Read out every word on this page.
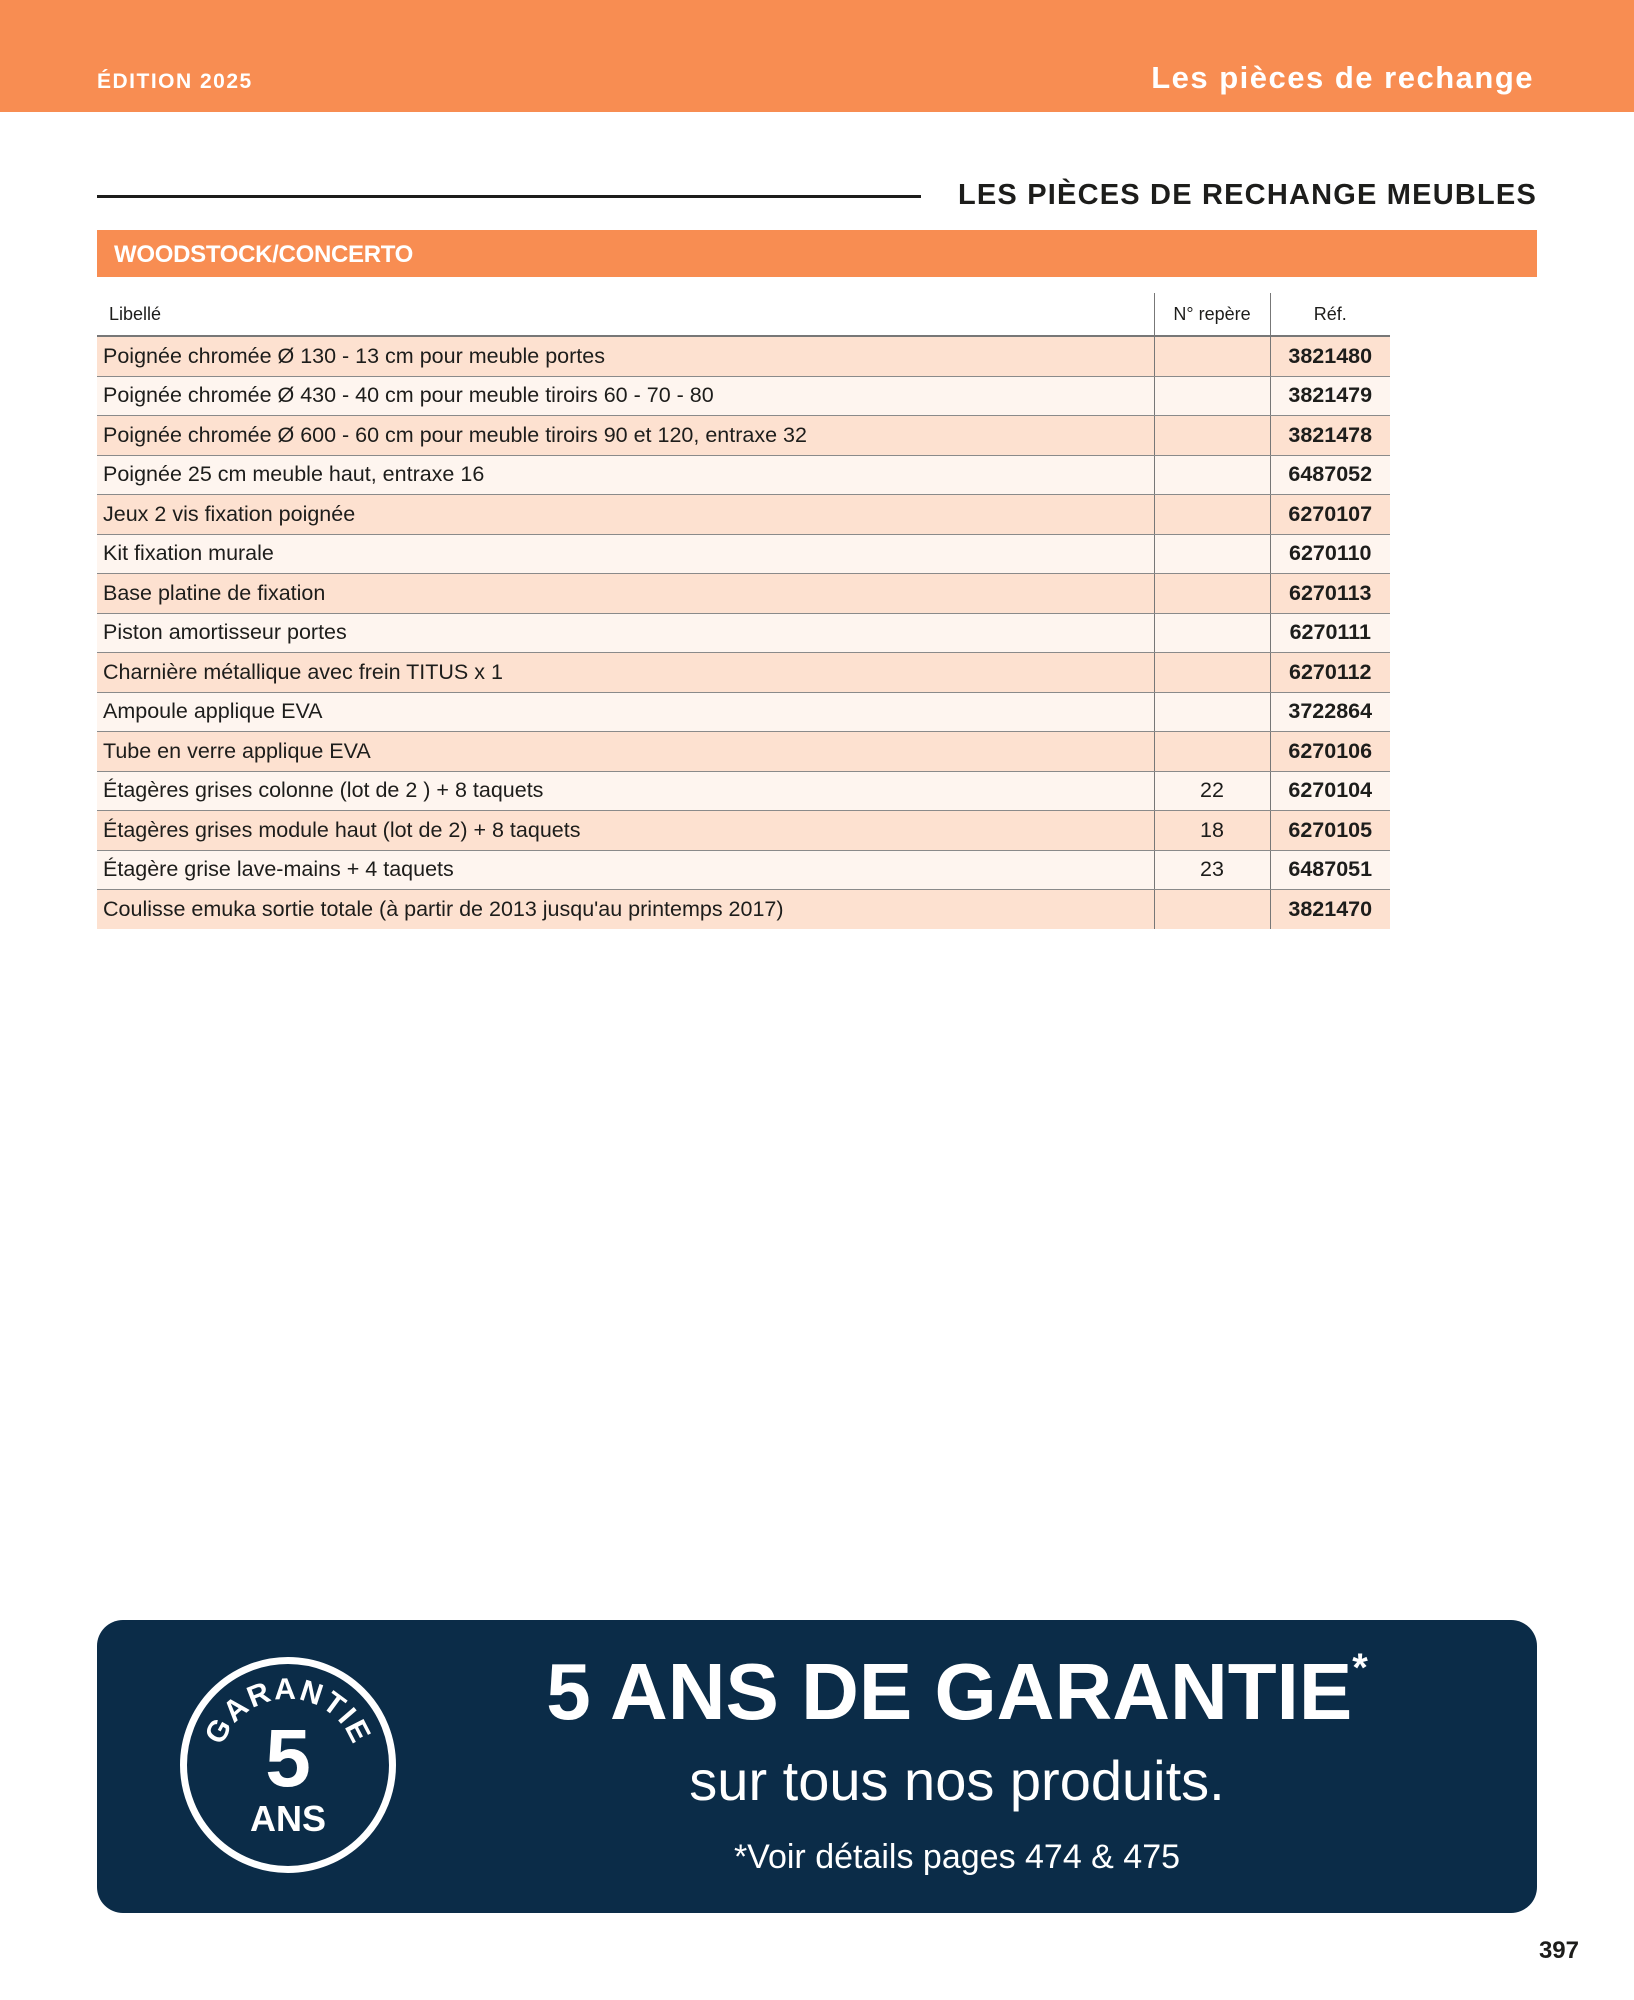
ÉDITION 2025	Les pièces de rechange
LES PIÈCES DE RECHANGE MEUBLES
WOODSTOCK/CONCERTO
Libellé	N° repère	Réf.
Poignée chromée Ø 130 - 13 cm pour meuble portes		3821480
Poignée chromée Ø 430 - 40 cm pour meuble tiroirs 60 - 70 - 80		3821479
Poignée chromée Ø 600 - 60 cm pour meuble tiroirs 90 et 120, entraxe 32		3821478
Poignée 25 cm meuble haut, entraxe 16		6487052
Jeux 2 vis fixation poignée		6270107
Kit fixation murale		6270110
Base platine de fixation		6270113
Piston amortisseur portes		6270111
Charnière métallique avec frein TITUS x 1		6270112
Ampoule applique EVA		3722864
Tube en verre applique EVA		6270106
Étagères grises colonne (lot de 2 ) + 8 taquets	22	6270104
Étagères grises module haut (lot de 2) + 8 taquets	18	6270105
Étagère grise lave-mains + 4 taquets	23	6487051
Coulisse emuka sortie totale (à partir de 2013 jusqu'au printemps 2017)		3821470
GARANTIE
5
ANS
5 ANS DE GARANTIE*
sur tous nos produits.
*Voir détails pages 474 & 475
397
